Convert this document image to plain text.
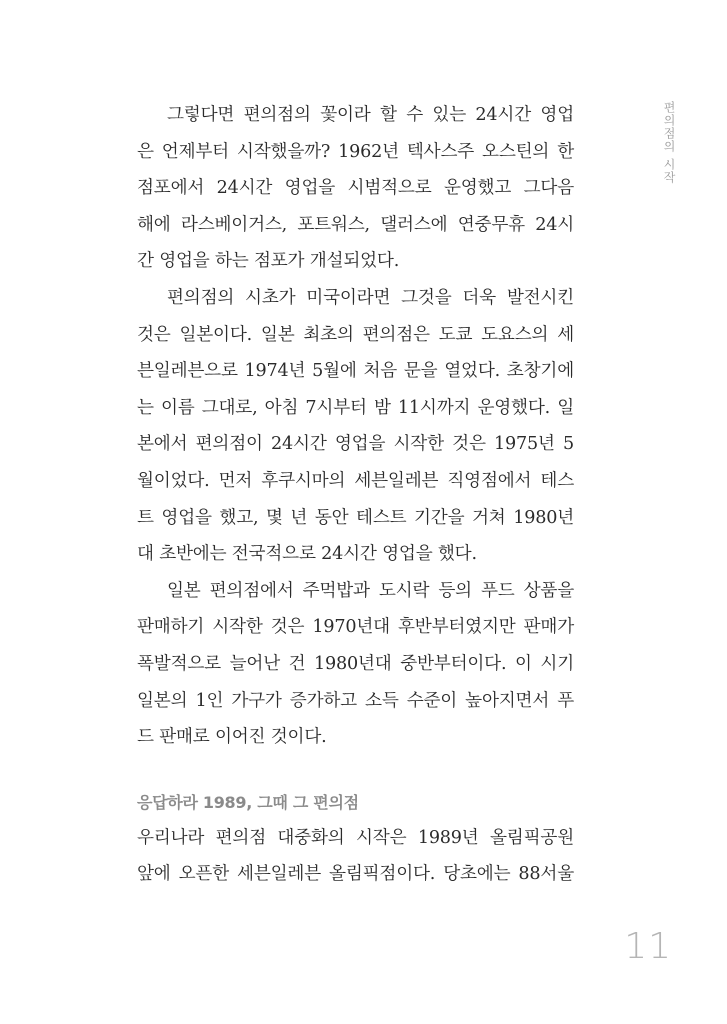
편의점의 시작
그렇다면 편의점의 꽃이라 할 수 있는 24시간 영업
은 언제부터 시작했을까? 1962년 텍사스주 오스틴의 한
점포에서 24시간 영업을 시범적으로 운영했고 그다음
해에 라스베이거스, 포트워스, 댈러스에 연중무휴 24시
간 영업을 하는 점포가 개설되었다.
편의점의 시초가 미국이라면 그것을 더욱 발전시킨
것은 일본이다. 일본 최초의 편의점은 도쿄 도요스의 세
븐일레븐으로 1974년 5월에 처음 문을 열었다. 초창기에
는 이름 그대로, 아침 7시부터 밤 11시까지 운영했다. 일
본에서 편의점이 24시간 영업을 시작한 것은 1975년 5
월이었다. 먼저 후쿠시마의 세븐일레븐 직영점에서 테스
트 영업을 했고, 몇 년 동안 테스트 기간을 거쳐 1980년
대 초반에는 전국적으로 24시간 영업을 했다.
일본 편의점에서 주먹밥과 도시락 등의 푸드 상품을
판매하기 시작한 것은 1970년대 후반부터였지만 판매가
폭발적으로 늘어난 건 1980년대 중반부터이다. 이 시기
일본의 1인 가구가 증가하고 소득 수준이 높아지면서 푸
드 판매로 이어진 것이다.
응답하라 1989, 그때 그 편의점
우리나라 편의점 대중화의 시작은 1989년 올림픽공원
앞에 오픈한 세븐일레븐 올림픽점이다. 당초에는 88서울
11
